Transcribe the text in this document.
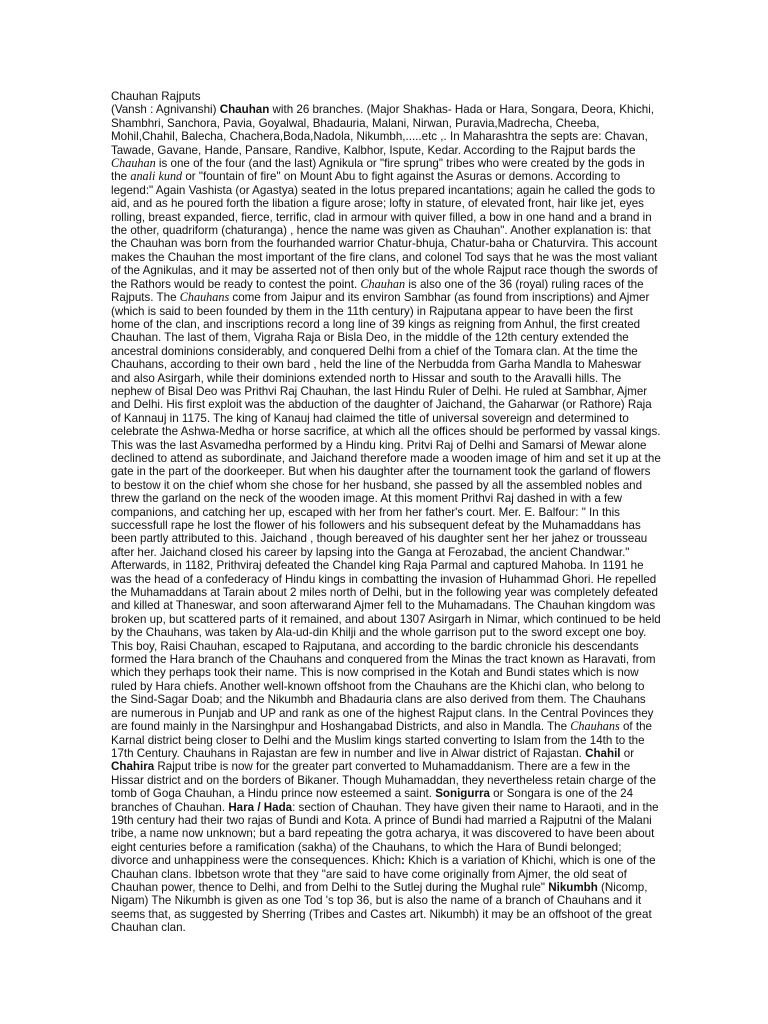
Chauhan Rajputs
(Vansh : Agnivanshi) Chauhan with 26 branches. (Major Shakhas- Hada or Hara, Songara, Deora, Khichi, Shambhri, Sanchora, Pavia, Goyalwal, Bhadauria, Malani, Nirwan, Puravia,Madrecha, Cheeba, Mohil,Chahil, Balecha, Chachera,Boda,Nadola, Nikumbh,.....etc ,. In Maharashtra the septs are: Chavan, Tawade, Gavane, Hande, Pansare, Randive, Kalbhor, Ispute, Kedar. According to the Rajput bards the Chauhan is one of the four (and the last) Agnikula or "fire sprung" tribes who were created by the gods in the anali kund or "fountain of fire" on Mount Abu to fight against the Asuras or demons. According to legend:" Again Vashista (or Agastya) seated in the lotus prepared incantations; again he called the gods to aid, and as he poured forth the libation a figure arose; lofty in stature, of elevated front, hair like jet, eyes rolling, breast expanded, fierce, terrific, clad in armour with quiver filled, a bow in one hand and a brand in the other, quadriform (chaturanga) , hence the name was given as Chauhan". Another explanation is: that the Chauhan was born from the fourhanded warrior Chatur-bhuja, Chatur-baha or Chaturvira. This account makes the Chauhan the most important of the fire clans, and colonel Tod says that he was the most valiant of the Agnikulas, and it may be asserted not of then only but of the whole Rajput race though the swords of the Rathors would be ready to contest the point. Chauhan is also one of the 36 (royal) ruling races of the Rajputs. The Chauhans come from Jaipur and its environ Sambhar (as found from inscriptions) and Ajmer (which is said to been founded by them in the 11th century) in Rajputana appear to have been the first home of the clan, and inscriptions record a long line of 39 kings as reigning from Anhul, the first created Chauhan. The last of them, Vigraha Raja or Bisla Deo, in the middle of the 12th century extended the ancestral dominions considerably, and conquered Delhi from a chief of the Tomara clan. At the time the Chauhans, according to their own bard , held the line of the Nerbudda from Garha Mandla to Maheswar and also Asirgarh, while their dominions extended north to Hissar and south to the Aravalli hills. The nephew of Bisal Deo was Prithvi Raj Chauhan, the last Hindu Ruler of Delhi. He ruled at Sambhar, Ajmer and Delhi. His first exploit was the abduction of the daughter of Jaichand, the Gaharwar (or Rathore) Raja of Kannauj in 1175. The king of Kanauj had claimed the title of universal sovereign and determined to celebrate the Ashwa-Medha or horse sacrifice, at which all the offices should be performed by vassal kings. This was the last Asvamedha performed by a Hindu king. Pritvi Raj of Delhi and Samarsi of Mewar alone declined to attend as subordinate, and Jaichand therefore made a wooden image of him and set it up at the gate in the part of the doorkeeper. But when his daughter after the tournament took the garland of flowers to bestow it on the chief whom she chose for her husband, she passed by all the assembled nobles and threw the garland on the neck of the wooden image. At this moment Prithvi Raj dashed in with a few companions, and catching her up, escaped with her from her father's court. Mer. E. Balfour: " In this successfull rape he lost the flower of his followers and his subsequent defeat by the Muhamaddans has been partly attributed to this. Jaichand , though bereaved of his daughter sent her her jahez or trousseau after her. Jaichand closed his career by lapsing into the Ganga at Ferozabad, the ancient Chandwar." Afterwards, in 1182, Prithviraj defeated the Chandel king Raja Parmal and captured Mahoba. In 1191 he was the head of a confederacy of Hindu kings in combatting the invasion of Huhammad Ghori. He repelled the Muhamaddans at Tarain about 2 miles north of Delhi, but in the following year was completely defeated and killed at Thaneswar, and soon afterwarand Ajmer fell to the Muhamadans. The Chauhan kingdom was broken up, but scattered parts of it remained, and about 1307 Asirgarh in Nimar, which continued to be held by the Chauhans, was taken by Ala-ud-din Khilji and the whole garrison put to the sword except one boy. This boy, Raisi Chauhan, escaped to Rajputana, and according to the bardic chronicle his descendants formed the Hara branch of the Chauhans and conquered from the Minas the tract known as Haravati, from which they perhaps took their name. This is now comprised in the Kotah and Bundi states which is now ruled by Hara chiefs. Another well-known offshoot from the Chauhans are the Khichi clan, who belong to the Sind-Sagar Doab; and the Nikumbh and Bhadauria clans are also derived from them. The Chauhans are numerous in Punjab and UP and rank as one of the highest Rajput clans. In the Central Povinces they are found mainly in the Narsinghpur and Hoshangabad Districts, and also in Mandla. The Chauhans of the Karnal district being closer to Delhi and the Muslim kings started converting to Islam from the 14th to the 17th Century. Chauhans in Rajastan are few in number and live in Alwar district of Rajastan. Chahil or Chahira Rajput tribe is now for the greater part converted to Muhamaddanism. There are a few in the Hissar district and on the borders of Bikaner. Though Muhamaddan, they nevertheless retain charge of the tomb of Goga Chauhan, a Hindu prince now esteemed a saint. Sonigurra or Songara is one of the 24 branches of Chauhan. Hara / Hada: section of Chauhan. They have given their name to Haraoti, and in the 19th century had their two rajas of Bundi and Kota. A prince of Bundi had married a Rajputni of the Malani tribe, a name now unknown; but a bard repeating the gotra acharya, it was discovered to have been about eight centuries before a ramification (sakha) of the Chauhans, to which the Hara of Bundi belonged; divorce and unhappiness were the consequences. Khich: Khich is a variation of Khichi, which is one of the Chauhan clans. Ibbetson wrote that they "are said to have come originally from Ajmer, the old seat of Chauhan power, thence to Delhi, and from Delhi to the Sutlej during the Mughal rule" Nikumbh (Nicomp, Nigam) The Nikumbh is given as one Tod 's top 36, but is also the name of a branch of Chauhans and it seems that, as suggested by Sherring (Tribes and Castes art. Nikumbh) it may be an offshoot of the great Chauhan clan.
